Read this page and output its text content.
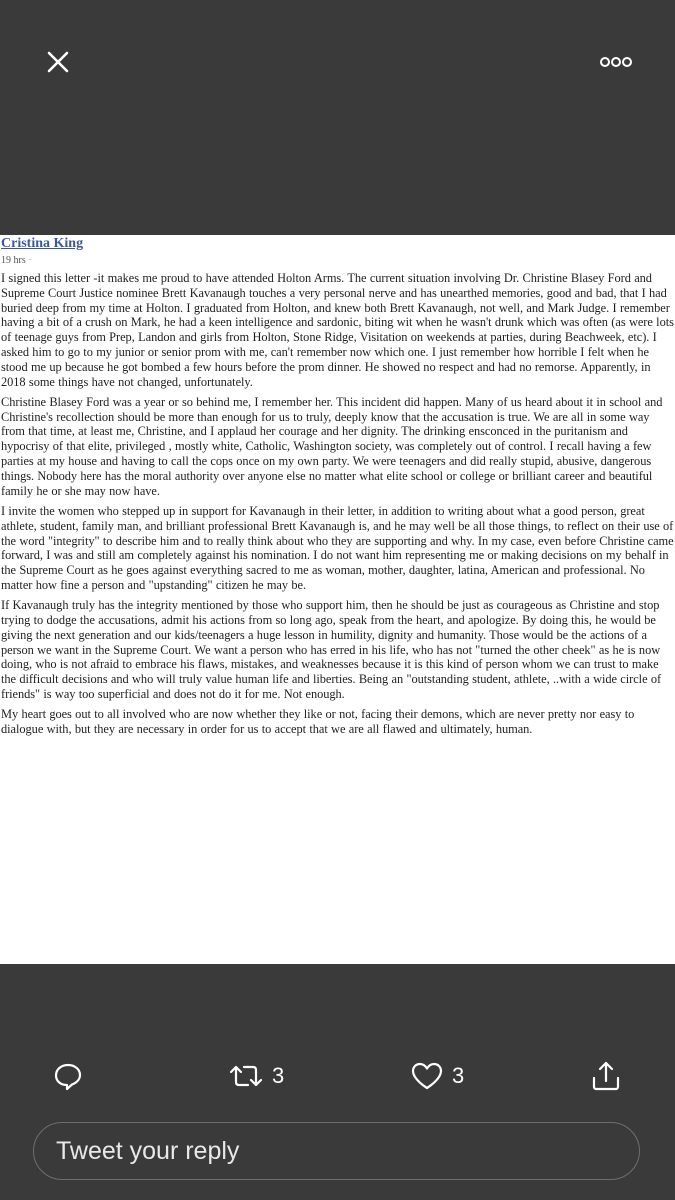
Cristina King
19 hrs ·

I signed this letter -it makes me proud to have attended Holton Arms. The current situation involving Dr. Christine Blasey Ford and Supreme Court Justice nominee Brett Kavanaugh touches a very personal nerve and has unearthed memories, good and bad, that I had buried deep from my time at Holton. I graduated from Holton, and knew both Brett Kavanaugh, not well, and Mark Judge. I remember having a bit of a crush on Mark, he had a keen intelligence and sardonic, biting wit when he wasn't drunk which was often (as were lots of teenage guys from Prep, Landon and girls from Holton, Stone Ridge, Visitation on weekends at parties, during Beachweek, etc). I asked him to go to my junior or senior prom with me, can't remember now which one. I just remember how horrible I felt when he stood me up because he got bombed a few hours before the prom dinner. He showed no respect and had no remorse. Apparently, in 2018 some things have not changed, unfortunately.

Christine Blasey Ford was a year or so behind me, I remember her. This incident did happen. Many of us heard about it in school and Christine's recollection should be more than enough for us to truly, deeply know that the accusation is true. We are all in some way from that time, at least me, Christine, and I applaud her courage and her dignity. The drinking ensconced in the puritanism and hypocrisy of that elite, privileged , mostly white, Catholic, Washington society, was completely out of control. I recall having a few parties at my house and having to call the cops once on my own party. We were teenagers and did really stupid, abusive, dangerous things. Nobody here has the moral authority over anyone else no matter what elite school or college or brilliant career and beautiful family he or she may now have.

I invite the women who stepped up in support for Kavanaugh in their letter, in addition to writing about what a good person, great athlete, student, family man, and brilliant professional Brett Kavanaugh is, and he may well be all those things, to reflect on their use of the word "integrity" to describe him and to really think about who they are supporting and why. In my case, even before Christine came forward, I was and still am completely against his nomination. I do not want him representing me or making decisions on my behalf in the Supreme Court as he goes against everything sacred to me as woman, mother, daughter, latina, American and professional. No matter how fine a person and "upstanding" citizen he may be.

If Kavanaugh truly has the integrity mentioned by those who support him, then he should be just as courageous as Christine and stop trying to dodge the accusations, admit his actions from so long ago, speak from the heart, and apologize. By doing this, he would be giving the next generation and our kids/teenagers a huge lesson in humility, dignity and humanity. Those would be the actions of a person we want in the Supreme Court. We want a person who has erred in his life, who has not "turned the other cheek" as he is now doing, who is not afraid to embrace his flaws, mistakes, and weaknesses because it is this kind of person whom we can trust to make the difficult decisions and who will truly value human life and liberties. Being an "outstanding student, athlete, ..with a wide circle of friends" is way too superficial and does not do it for me. Not enough.

My heart goes out to all involved who are now whether they like or not, facing their demons, which are never pretty nor easy to dialogue with, but they are necessary in order for us to accept that we are all flawed and ultimately, human.

3	3
Tweet your reply
